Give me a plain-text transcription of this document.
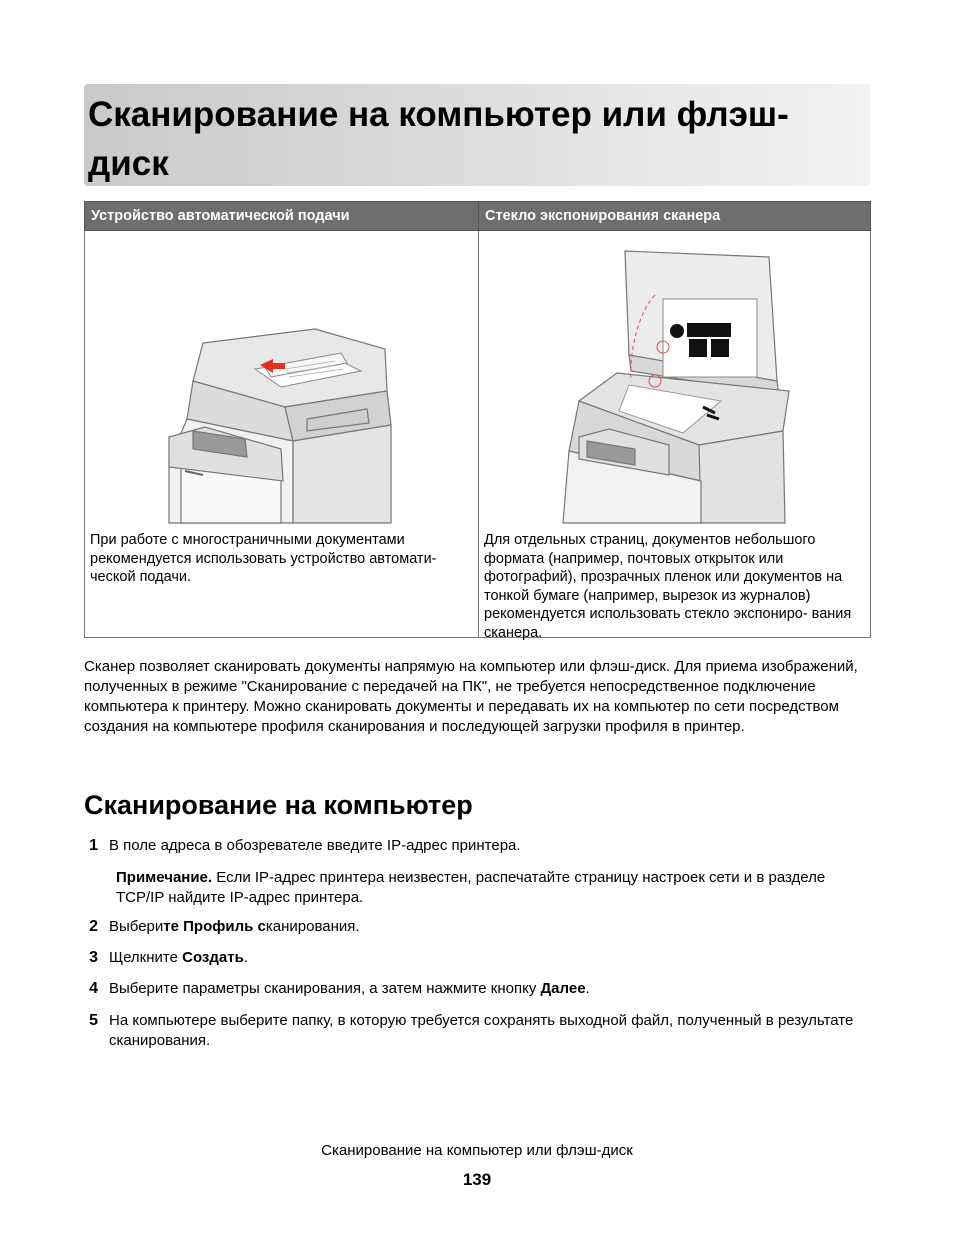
Сканирование на компьютер или флэш-диск
Устройство автоматической подачи	Стекло экспонирования сканера

При работе с многостраничными документами рекомендуется использовать устройство автомати- ческой подачи.	Для отдельных страниц, документов небольшого формата (например, почтовых открыток или фотографий), прозрачных пленок или документов на тонкой бумаге (например, вырезок из журналов) рекомендуется использовать стекло экспониро- вания сканера.

Сканер позволяет сканировать документы напрямую на компьютер или флэш-диск. Для приема изображений, полученных в режиме "Сканирование с передачей на ПК", не требуется непосредственное подключение компьютера к принтеру. Можно сканировать документы и передавать их на компьютер по сети посредством создания на компьютере профиля сканирования и последующей загрузки профиля в принтер.

Сканирование на компьютер
1 В поле адреса в обозревателе введите IP-адрес принтера.
Примечание. Если IP-адрес принтера неизвестен, распечатайте страницу настроек сети и в разделе TCP/IP найдите IP-адрес принтера.
2 Выберите Профиль сканирования.
3 Щелкните Создать.
4 Выберите параметры сканирования, а затем нажмите кнопку Далее.
5 На компьютере выберите папку, в которую требуется сохранять выходной файл, полученный в результате сканирования.
Сканирование на компьютер или флэш-диск
139
